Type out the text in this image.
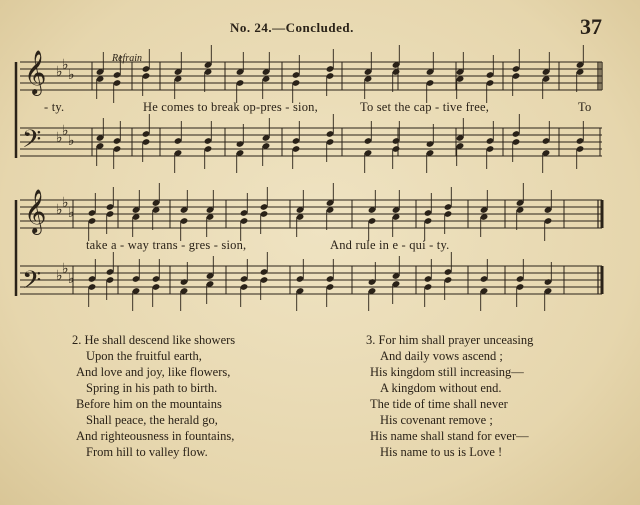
No. 24.—Concluded.	37
𝄞
𝄢
𝄞
𝄢
♭ ♭
♭
♭ ♭
♭
♭ ♭
♭
♭ ♭
♭
Refrain
- ty.	He comes to break op-pres - sion,	To set the cap - tive free,	To
take a - way trans - gres - sion,	And rule in e - qui - ty.
2. He shall descend like showers
Upon the fruitful earth,
And love and joy, like flowers,
Spring in his path to birth.
Before him on the mountains
Shall peace, the herald go,
And righteousness in fountains,
From hill to valley flow.
3. For him shall prayer unceasing
And daily vows ascend ;
His kingdom still increasing—
A kingdom without end.
The tide of time shall never
His covenant remove ;
His name shall stand for ever—
His name to us is Love !
